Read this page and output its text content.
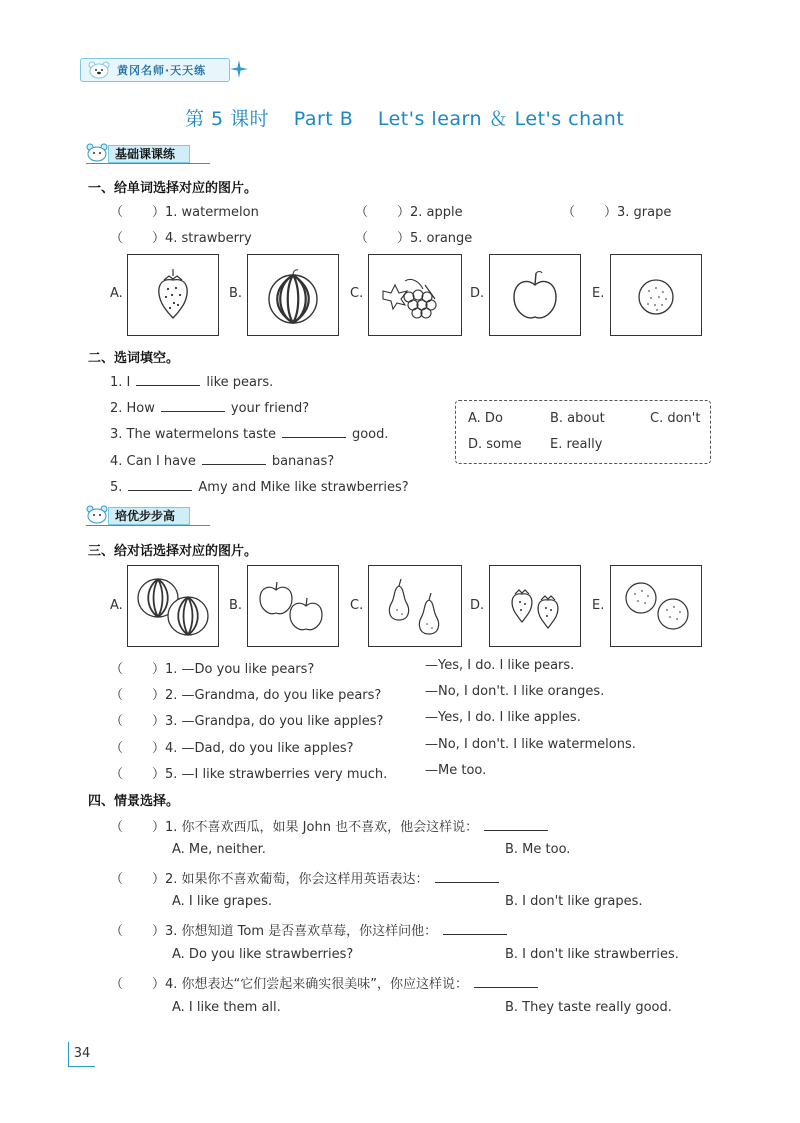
黄冈名师·天天练
第 5 课时 Part B Let's learn ＆ Let's chant
基础课课练
一、给单词选择对应的图片。
（ ）1. watermelon	（ ）2. apple	（ ）3. grape
（ ）4. strawberry	（ ）5. orange
A.	B.	C.	D.	E.
二、选词填空。
1. I	like pears.
2. How	your friend?
3. The watermelons taste	good.
4. Can I have	bananas?
5.	Amy and Mike like strawberries?
A. Do	B. about	C. don't
D. some E. really
培优步步高
三、给对话选择对应的图片。
A.	B.	C.	D.	E.
（ ）1. —Do you like pears?	—Yes, I do. I like pears.
（ ）2. —Grandma, do you like pears?	—No, I don't. I like oranges.
（ ）3. —Grandpa, do you like apples?	—Yes, I do. I like apples.
（ ）4. —Dad, do you like apples?	—No, I don't. I like watermelons.
（ ）5. —I like strawberries very much.	—Me too.
四、情景选择。
（ ）1. 你不喜欢西瓜，如果 John 也不喜欢，他会这样说：
A. Me, neither.	B. Me too.
（ ）2. 如果你不喜欢葡萄，你会这样用英语表达：
A. I like grapes.	B. I don't like grapes.
（ ）3. 你想知道 Tom 是否喜欢草莓，你这样问他：
A. Do you like strawberries?	B. I don't like strawberries.
（ ）4. 你想表达“它们尝起来确实很美味”，你应这样说：
A. I like them all.	B. They taste really good.
34
